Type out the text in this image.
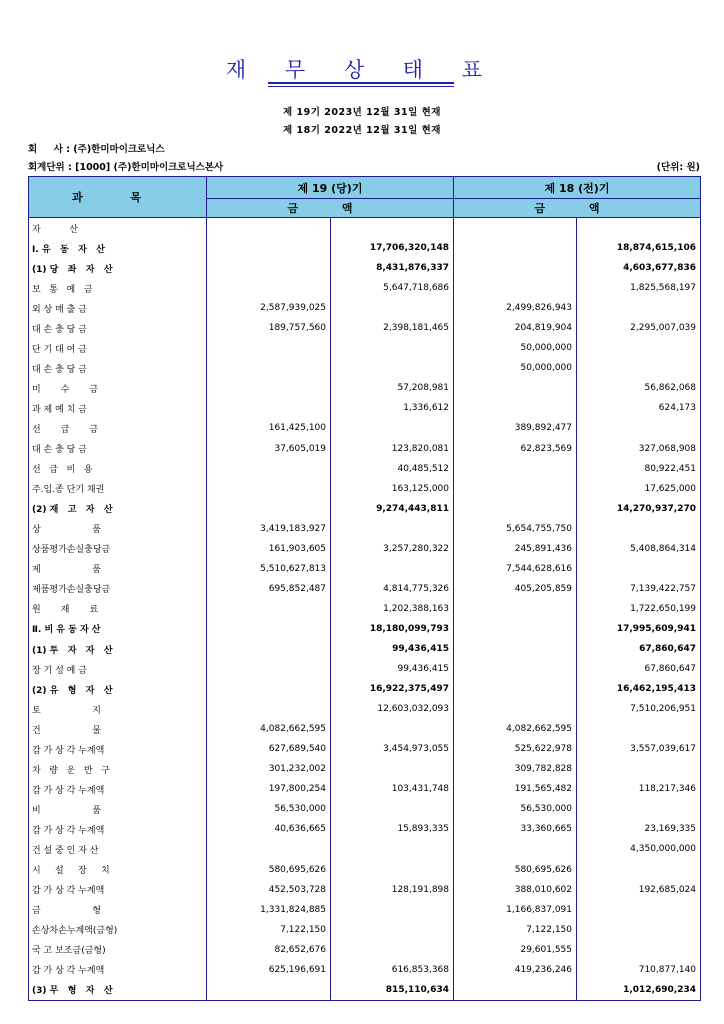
재 무 상 태 표
제 19기 2023년 12월 31일 현재
제 18기 2022년 12월 31일 현재
회     사 : (주)한미마이크로닉스
회계단위 : [1000] (주)한미마이크로닉스본사	(단위: 원)
과 목	제 19 (당)기		제 18 (전)기	
	금 액		금 액	
자          산				
Ⅰ. 유   동   자   산		17,706,320,148		18,874,615,106
(1) 당   좌   자   산		8,431,876,337		4,603,677,836
보   통   예   금		5,647,718,686		1,825,568,197
외 상 매 출 금	2,587,939,025		2,499,826,943	
대 손 충 당 금	189,757,560	2,398,181,465	204,819,904	2,295,007,039
단 기 대 여 금			50,000,000	
대 손 충 당 금			50,000,000	
미       수       금		57,208,981		56,862,068
과 제 예 치 금		1,336,612		624,173
선       급       금	161,425,100		389,892,477	
대 손 충 당 금	37,605,019	123,820,081	62,823,569	327,068,908
선   급   비   용		40,485,512		80,922,451
주.임.종 단기 채권		163,125,000		17,625,000
(2) 재   고   자   산		9,274,443,811		14,270,937,270
상                  품	3,419,183,927		5,654,755,750	
상품평가손실충당금	161,903,605	3,257,280,322	245,891,436	5,408,864,314
제                  품	5,510,627,813		7,544,628,616	
제품평가손실충당금	695,852,487	4,814,775,326	405,205,859	7,139,422,757
원       재       료		1,202,388,163		1,722,650,199
Ⅱ. 비 유 동 자 산		18,180,099,793		17,995,609,941
(1) 투   자   자   산		99,436,415		67,860,647
장 기 성 예 금		99,436,415		67,860,647
(2) 유   형   자   산		16,922,375,497		16,462,195,413
토                  지		12,603,032,093		7,510,206,951
건                  물	4,082,662,595		4,082,662,595	
감 가 상 각 누계액	627,689,540	3,454,973,055	525,622,978	3,557,039,617
차   량   운   반   구	301,232,002		309,782,828	
감 가 상 각 누계액	197,800,254	103,431,748	191,565,482	118,217,346
비                  품	56,530,000		56,530,000	
감 가 상 각 누계액	40,636,665	15,893,335	33,360,665	23,169,335
건 설 중 인 자 산				4,350,000,000
시     설     장     치	580,695,626		580,695,626	
감 가 상 각 누계액	452,503,728	128,191,898	388,010,602	192,685,024
금                  형	1,331,824,885		1,166,837,091	
손상차손누계액(금형)	7,122,150		7,122,150	
국 고 보조금(금형)	82,652,676		29,601,555	
감 가 상 각 누계액	625,196,691	616,853,368	419,236,246	710,877,140
(3) 무   형   자   산		815,110,634		1,012,690,234
